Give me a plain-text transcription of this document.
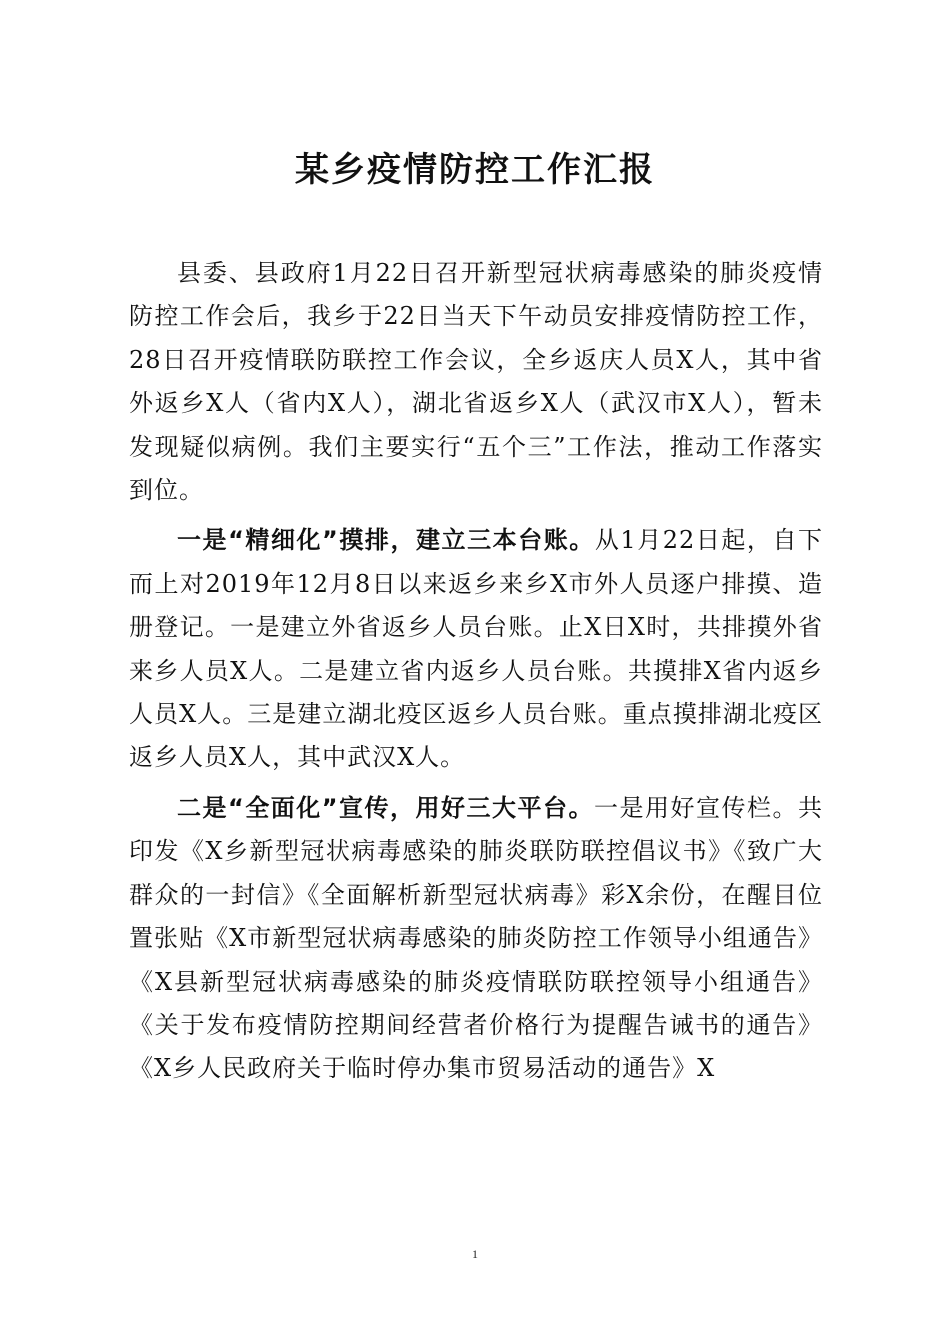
某乡疫情防控工作汇报

县委、县政府1月22日召开新型冠状病毒感染的肺炎疫情防控工作会后，我乡于22日当天下午动员安排疫情防控工作，28日召开疫情联防联控工作会议，全乡返庆人员X人，其中省外返乡X人（省内X人），湖北省返乡X人（武汉市X人），暂未发现疑似病例。我们主要实行“五个三”工作法，推动工作落实到位。

一是“精细化”摸排，建立三本台账。从1月22日起，自下而上对2019年12月8日以来返乡来乡X市外人员逐户排摸、造册登记。一是建立外省返乡人员台账。止X日X时，共排摸外省来乡人员X人。二是建立省内返乡人员台账。共摸排X省内返乡人员X人。三是建立湖北疫区返乡人员台账。重点摸排湖北疫区返乡人员X人，其中武汉X人。

二是“全面化”宣传，用好三大平台。一是用好宣传栏。共印发《X乡新型冠状病毒感染的肺炎联防联控倡议书》《致广大群众的一封信》《全面解析新型冠状病毒》彩X余份，在醒目位置张贴《X市新型冠状病毒感染的肺炎防控工作领导小组通告》《X县新型冠状病毒感染的肺炎疫情联防联控领导小组通告》《关于发布疫情防控期间经营者价格行为提醒告诫书的通告》《X乡人民政府关于临时停办集市贸易活动的通告》X

1
